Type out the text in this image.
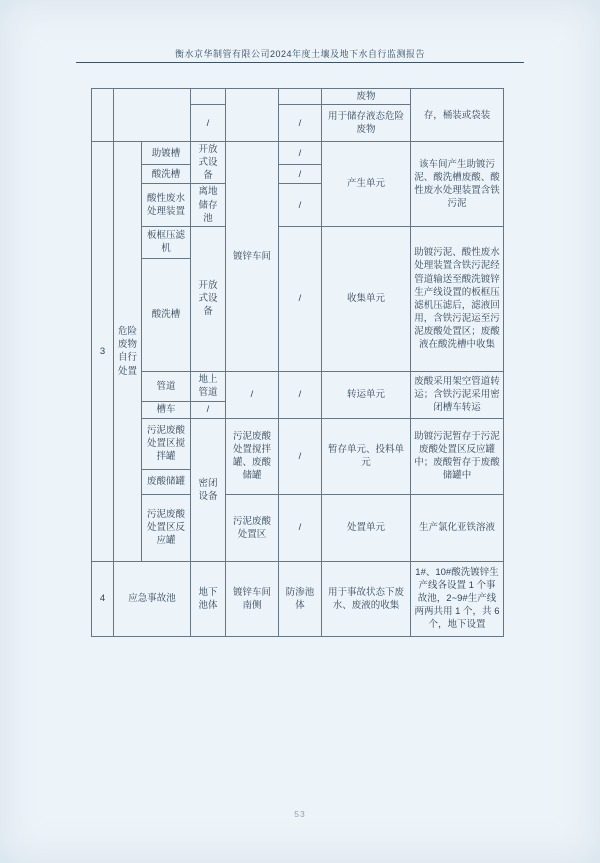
衡水京华制管有限公司2024年度土壤及地下水自行监测报告
						废物	存，桶装或袋装
			/		/	用于储存液态危险废物	
3	危险废物自行处置	助镀槽	开放式设备	镀锌车间	/	产生单元	该车间产生助镀污泥、酸洗槽废酸、酸性废水处理装置含铁污泥
		酸洗槽			/		
		酸性废水处理装置	离地储存池		/		
		板框压滤机	开放式设备		/	收集单元	助镀污泥、酸性废水处理装置含铁污泥经管道输送至酸洗镀锌生产线设置的板框压滤机压滤后，滤液回用，含铁污泥运至污泥废酸处置区；废酸液在酸洗槽中收集
		酸洗槽					
		管道	地上管道	/	/	转运单元	废酸采用架空管道转运；含铁污泥采用密闭槽车转运
		槽车	/				
		污泥废酸处置区搅拌罐	密闭设备	污泥废酸处置搅拌罐、废酸储罐	/	暂存单元、投料单元	助镀污泥暂存于污泥废酸处置区反应罐中；废酸暂存于废酸储罐中
		废酸储罐					
		污泥废酸处置区反应罐		污泥废酸处置区	/	处置单元	生产氯化亚铁溶液
4	应急事故池		地下池体	镀锌车间南侧	防渗池体	用于事故状态下废水、废液的收集	1#、10#酸洗镀锌生产线各设置 1 个事故池，2~9#生产线两两共用 1 个，共 6 个，地下设置
53
